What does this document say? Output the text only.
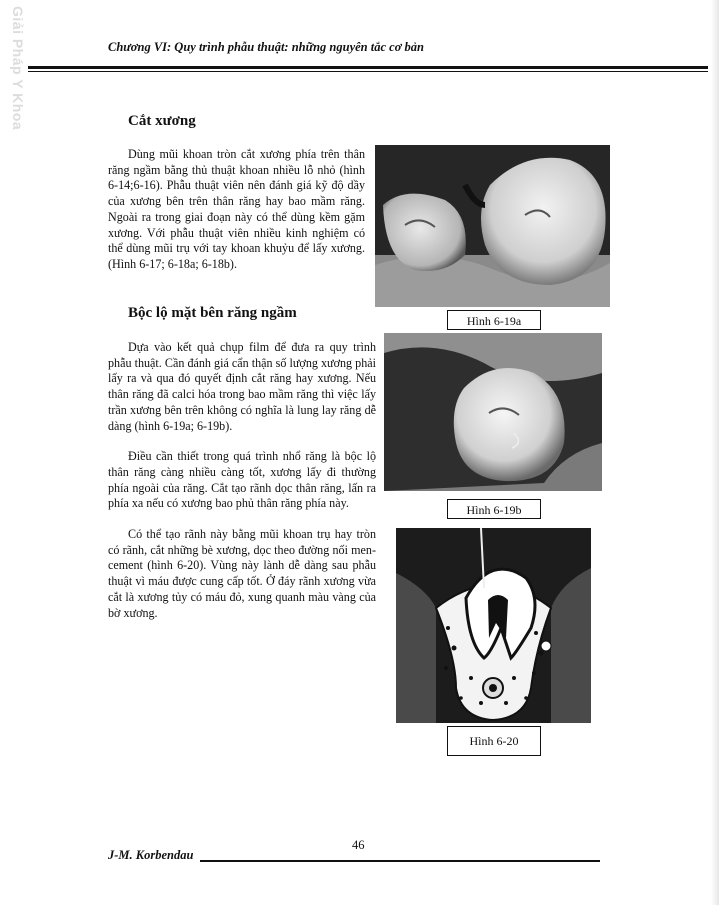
Giải Pháp Y Khoa	Chương VI: Quy trình phẫu thuật: những nguyên tắc cơ bản
Cắt xương

Dùng mũi khoan tròn cắt xương phía trên thân răng ngầm bằng thủ thuật khoan nhiều lỗ nhỏ (hình 6-14;6-16). Phẫu thuật viên nên đánh giá kỹ độ dầy của xương bên trên thân răng hay bao mầm răng. Ngoài ra trong giai đoạn này có thể dùng kềm gặm xương. Với phẫu thuật viên nhiều kinh nghiệm có thể dùng mũi trụ với tay khoan khuỷu để lấy xương. (Hình 6-17; 6-18a; 6-18b).

Hình 6-19a
Bộc lộ mặt bên răng ngầm

Dựa vào kết quả chụp film để đưa ra quy trình phẫu thuật. Cần đánh giá cẩn thận số lượng xương phải lấy ra và qua đó quyết định cắt răng hay xương. Nếu thân răng đã calci hóa trong bao mầm răng thì việc lấy trần xương bên trên không có nghĩa là lung lay răng dễ dàng (hình 6-19a; 6-19b).

Điều cần thiết trong quá trình nhổ răng là bộc lộ thân răng càng nhiều càng tốt, xương lấy đi thường phía ngoài của răng. Cắt tạo rãnh dọc thân răng, lấn ra phía xa nếu có xương bao phủ thân răng phía này.

Có thể tạo rãnh này bằng mũi khoan trụ hay tròn có rãnh, cắt những bè xương, dọc theo đường nối men-cement (hình 6-20). Vùng này lành dễ dàng sau phẫu thuật vì máu được cung cấp tốt. Ở đáy rãnh xương vừa cắt là xương tủy có máu đỏ, xung quanh màu vàng của bờ xương.

Hình 6-19b
Hình 6-20
46
J-M. Korbendau
